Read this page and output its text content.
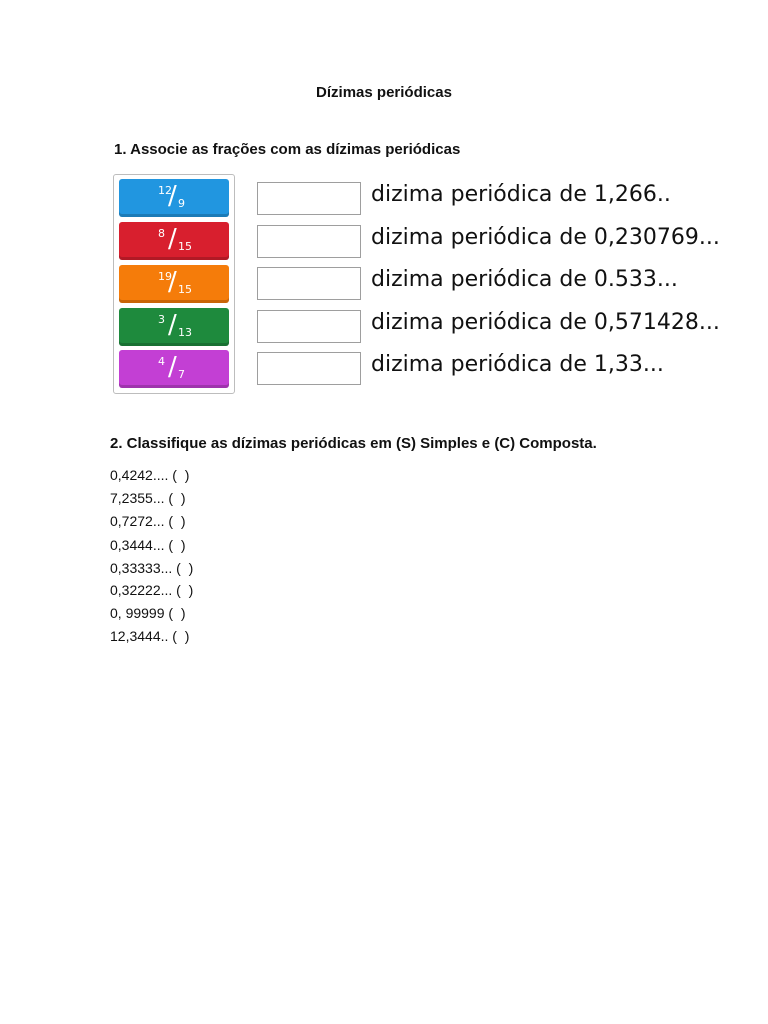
Dízimas periódicas
1. Associe as frações com as dízimas periódicas
12
/ 9
8 / 15
19
/ 15
3 / 13
4 / 7
dizima periódica de 1,266..
dizima periódica de 0,230769...
dizima periódica de 0.533...
dizima periódica de 0,571428...
dizima periódica de 1,33...
2. Classifique as dízimas periódicas em (S) Simples e (C) Composta.
0,4242.... (  )
7,2355... (  )
0,7272... (  )
0,3444... (  )
0,33333... (  )
0,32222... (  )
0, 99999 (  )
12,3444.. (  )
